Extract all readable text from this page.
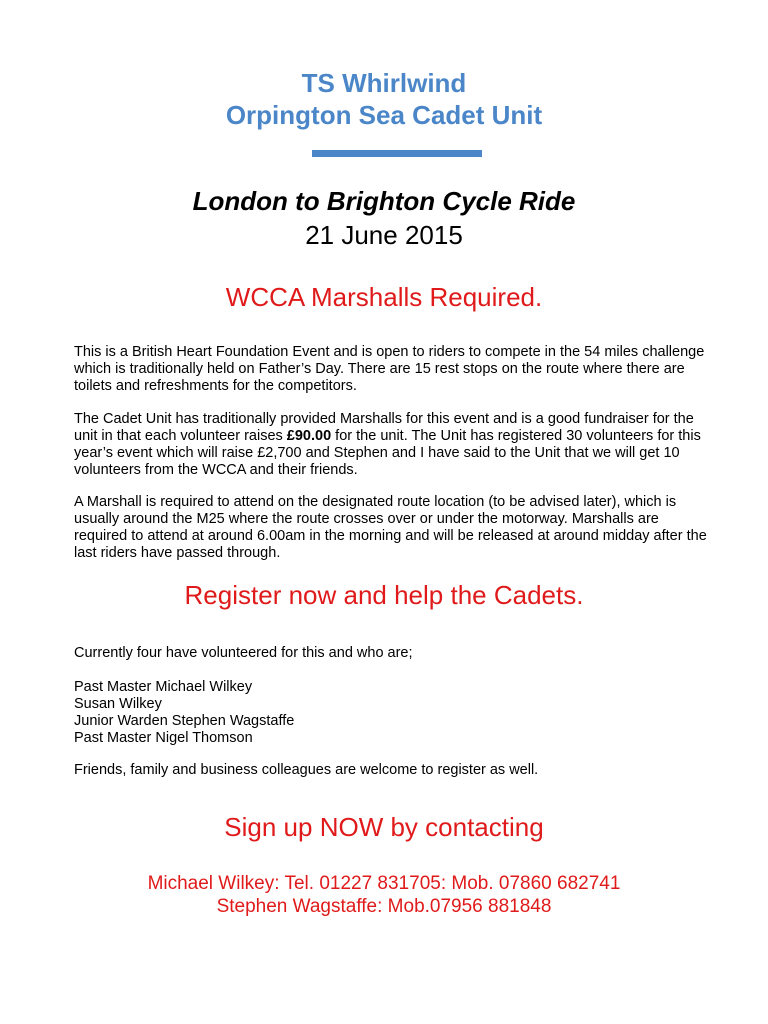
TS Whirlwind
Orpington Sea Cadet Unit
London to Brighton Cycle Ride
21 June 2015
WCCA Marshalls Required.

This is a British Heart Foundation Event and is open to riders to compete in the 54 miles challenge which is traditionally held on Father’s Day. There are 15 rest stops on the route where there are toilets and refreshments for the competitors.

The Cadet Unit has traditionally provided Marshalls for this event and is a good fundraiser for the unit in that each volunteer raises £90.00 for the unit. The Unit has registered 30 volunteers for this year’s event which will raise £2,700 and Stephen and I have said to the Unit that we will get 10 volunteers from the WCCA and their friends.

A Marshall is required to attend on the designated route location (to be advised later), which is usually around the M25 where the route crosses over or under the motorway. Marshalls are required to attend at around 6.00am in the morning and will be released at around midday after the last riders have passed through.

Register now and help the Cadets.

Currently four have volunteered for this and who are;

Past Master Michael Wilkey
Susan Wilkey
Junior Warden Stephen Wagstaffe
Past Master Nigel Thomson

Friends, family and business colleagues are welcome to register as well.

Sign up NOW by contacting
Michael Wilkey: Tel. 01227 831705: Mob. 07860 682741
Stephen Wagstaffe: Mob.07956 881848
